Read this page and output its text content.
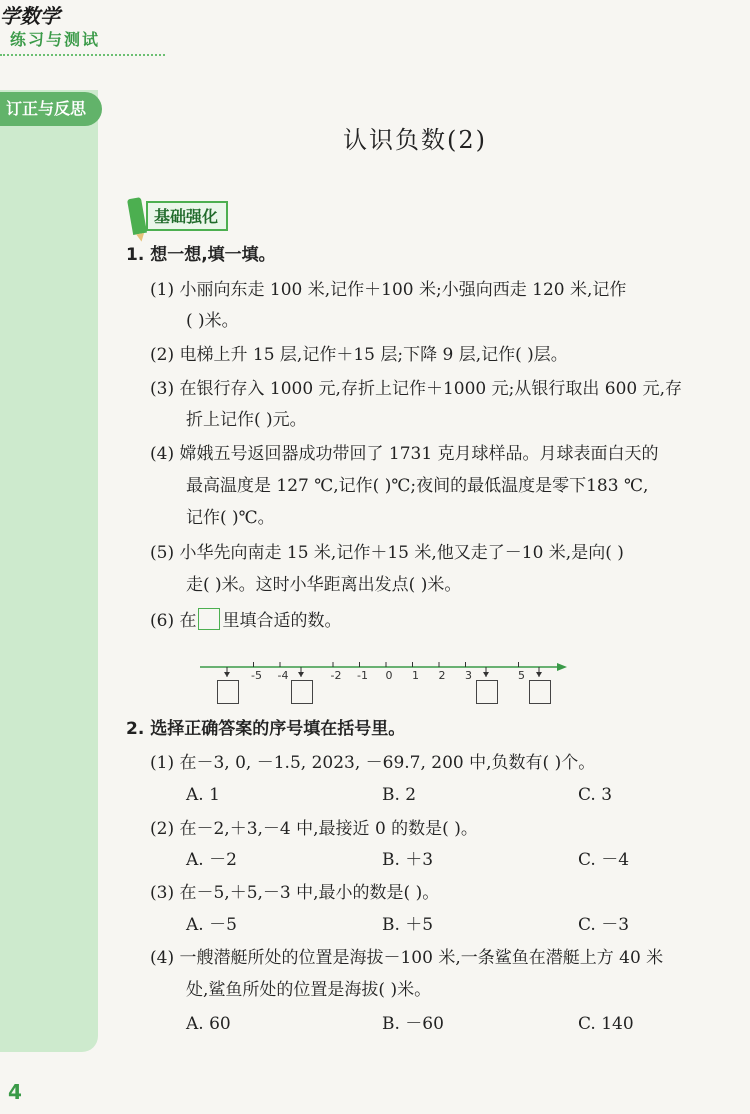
订正与反思
学数学
练习与测试
认识负数(2)
基础强化
1. 想一想,填一填。
(1) 小丽向东走 100 米,记作＋100 米;小强向西走 120 米,记作
( )米。
(2) 电梯上升 15 层,记作＋15 层;下降 9 层,记作( )层。
(3) 在银行存入 1000 元,存折上记作＋1000 元;从银行取出 600 元,存
折上记作( )元。
(4) 嫦娥五号返回器成功带回了 1731 克月球样品。月球表面白天的
最高温度是 127 ℃,记作( )℃;夜间的最低温度是零下183 ℃,
记作( )℃。
(5) 小华先向南走 15 米,记作＋15 米,他又走了－10 米,是向( )
走( )米。这时小华距离出发点( )米。
(6) 在 里填合适的数。
-5 -4	-2 -1 0 1 2 3	5
2. 选择正确答案的序号填在括号里。
(1) 在－3, 0, －1.5, 2023, －69.7, 200 中,负数有( )个。
A. 1	B. 2	C. 3
(2) 在－2,＋3,－4 中,最接近 0 的数是( )。
A. －2	B. ＋3	C. －4
(3) 在－5,＋5,－3 中,最小的数是( )。
A. －5	B. ＋5	C. －3
(4) 一艘潜艇所处的位置是海拔－100 米,一条鲨鱼在潜艇上方 40 米
处,鲨鱼所处的位置是海拔( )米。
A. 60	B. －60	C. 140
4
